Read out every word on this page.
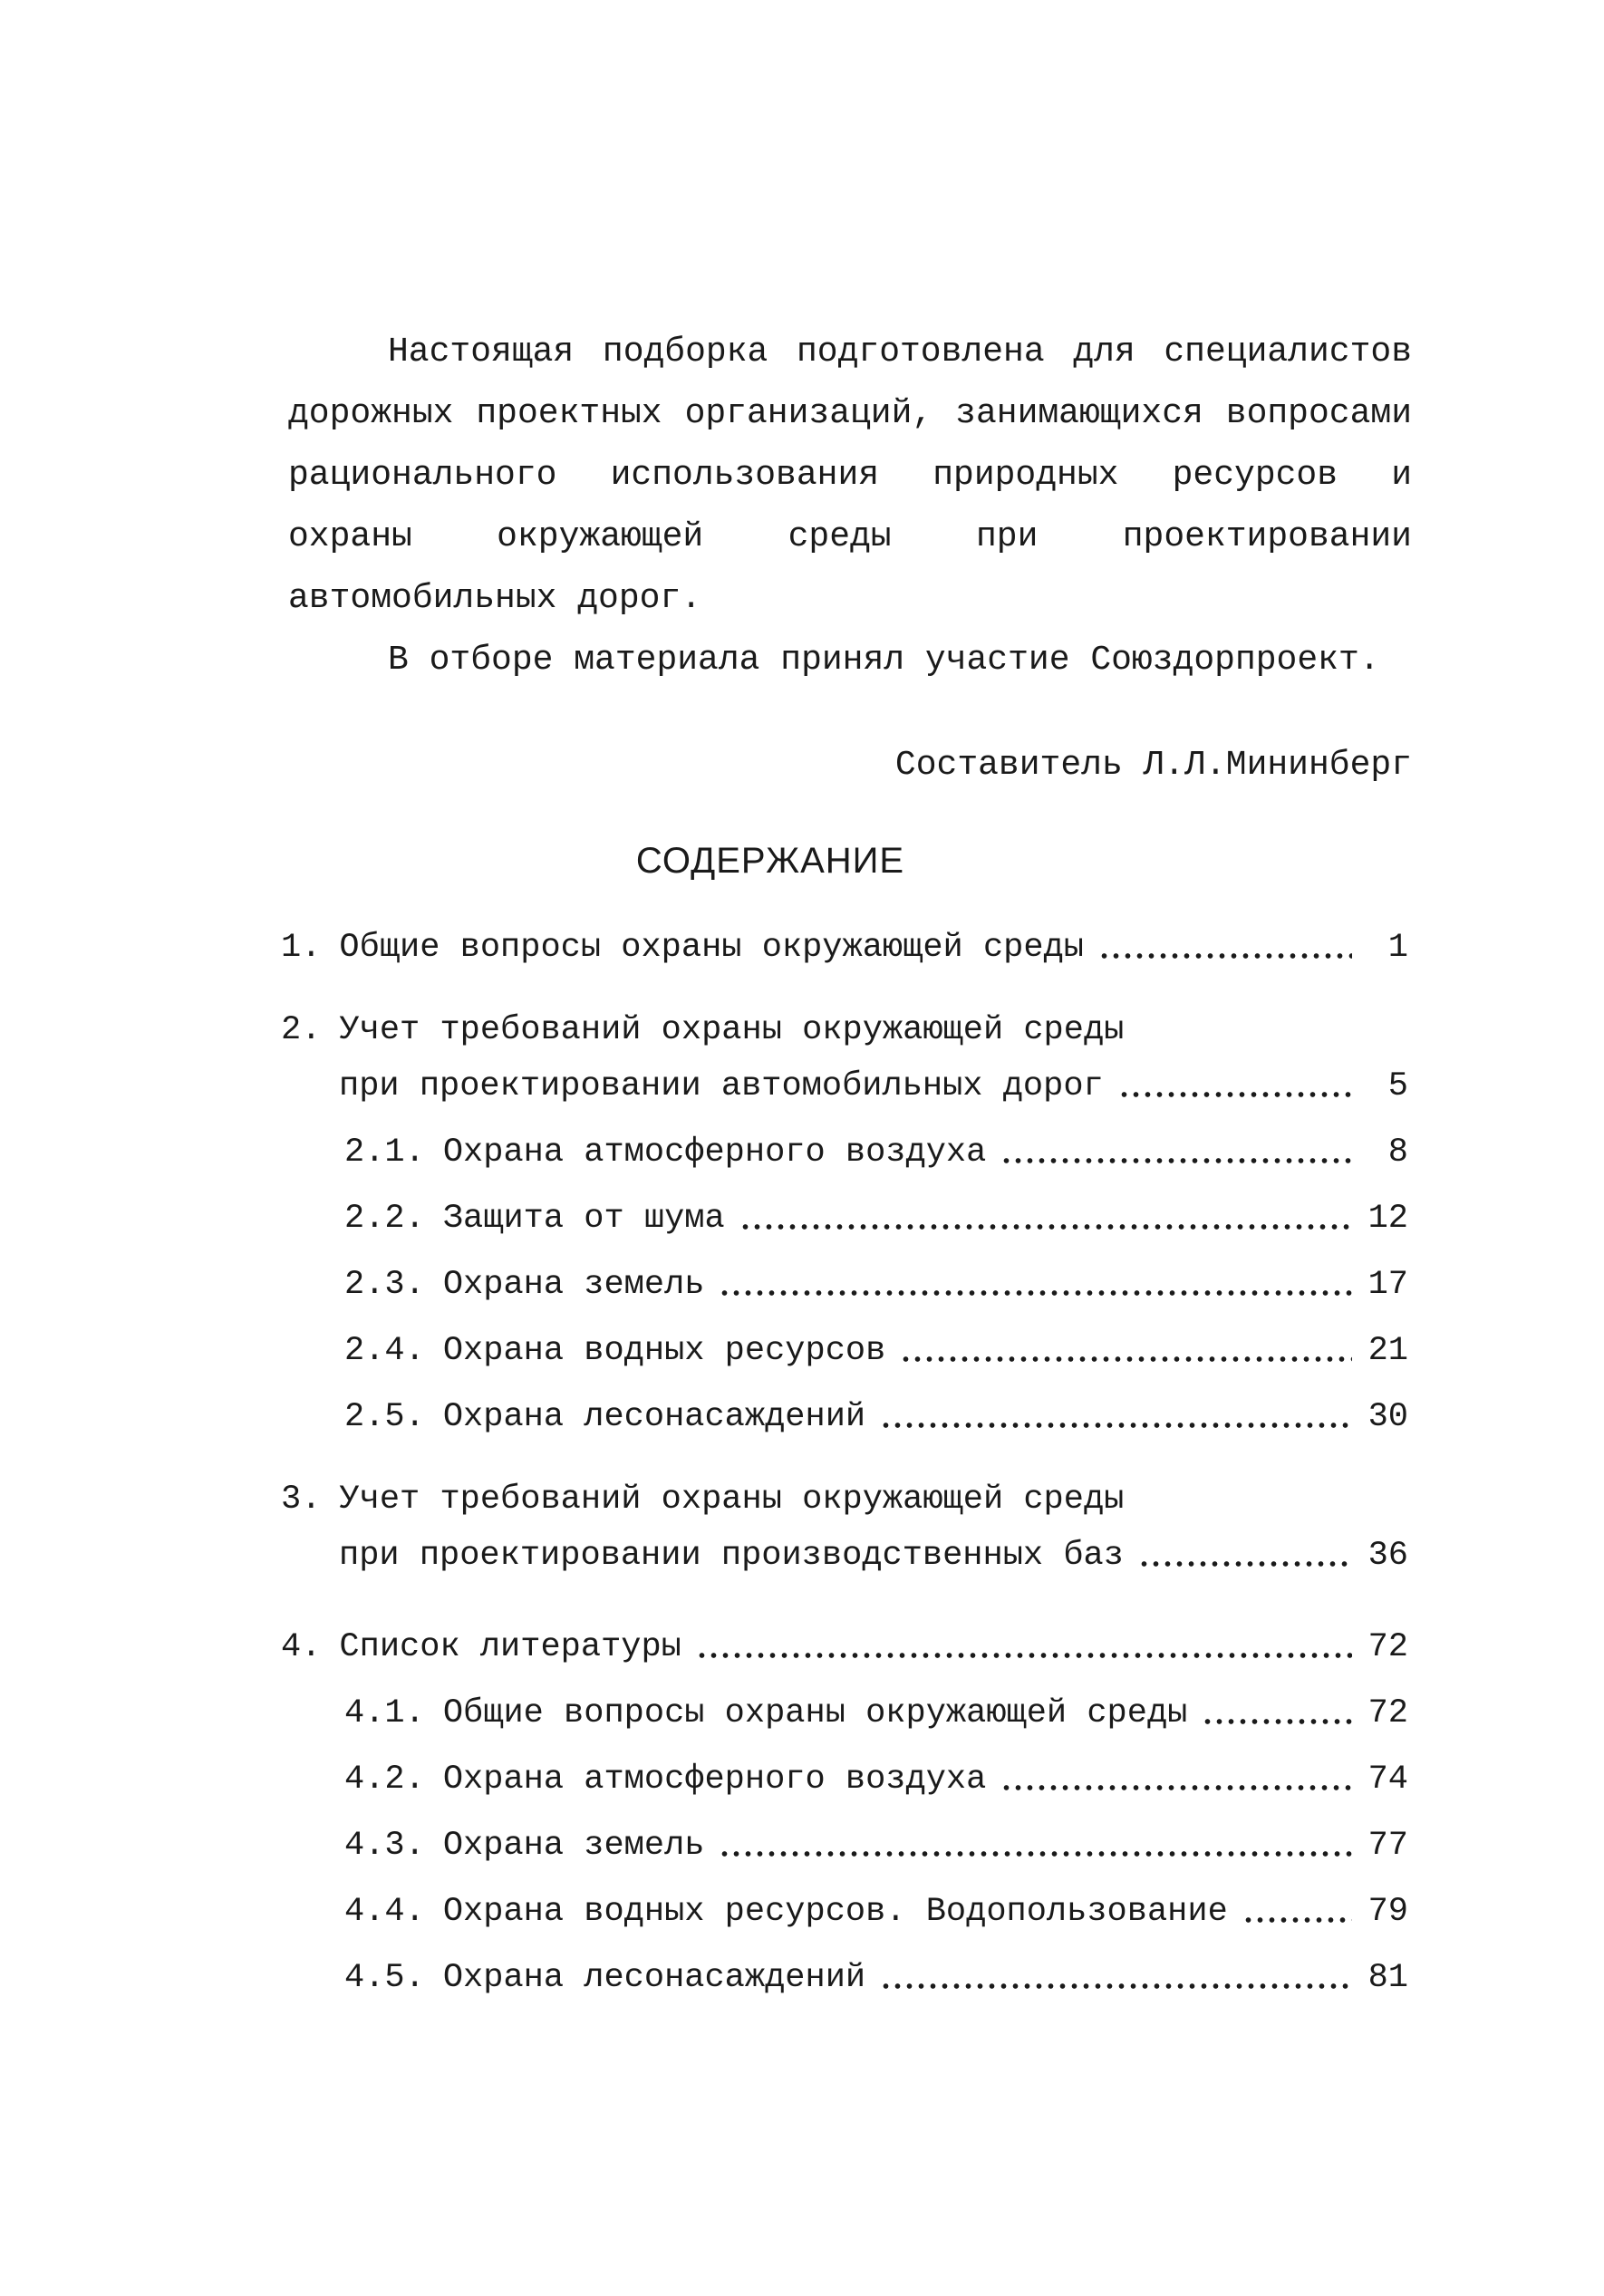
Настоящая подборка подготовлена для специалистов дорожных проектных организаций, занимающихся вопросами рационального использования природных ресурсов и охраны окружающей среды при проектировании автомобильных дорог.

В отборе материала принял участие Союздорпроект.

Составитель Л.Л.Мининберг
СОДЕРЖАНИЕ
1. Общие вопросы охраны окружающей среды	1
2. Учет требований охраны окружающей среды
при проектировании автомобильных дорог	5
2.1. Охрана атмосферного воздуха	8
2.2. Защита от шума	12
2.3. Охрана земель	17
2.4. Охрана водных ресурсов	21
2.5. Охрана лесонасаждений	30
3. Учет требований охраны окружающей среды
при проектировании производственных баз	36
4. Список литературы	72
4.1. Общие вопросы охраны окружающей среды	72
4.2. Охрана атмосферного воздуха	74
4.3. Охрана земель	77
4.4. Охрана водных ресурсов. Водопользование	79
4.5. Охрана лесонасаждений	81
